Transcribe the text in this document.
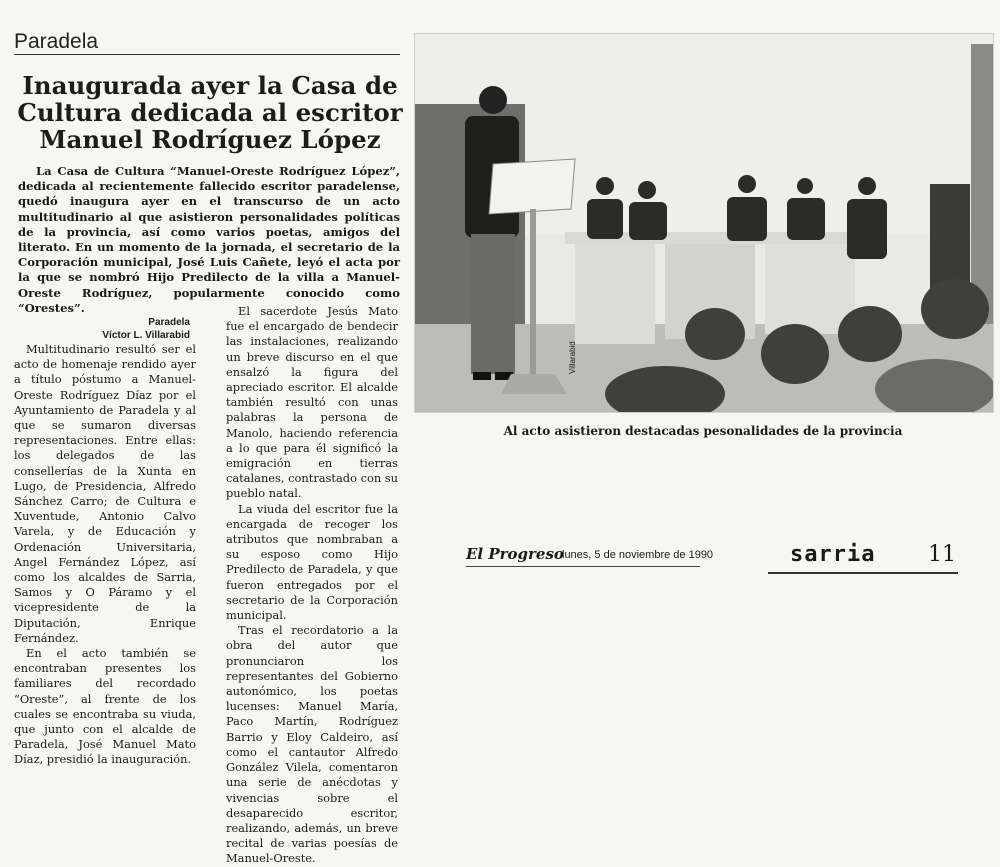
Paradela
Inaugurada ayer la Casa de
Cultura dedicada al escritor
Manuel Rodríguez López

La Casa de Cultura “Manuel-Oreste Rodríguez López”, dedicada al recientemente fallecido escritor paradelense, quedó inaugura ayer en el transcurso de un acto multitudinario al que asistieron personalidades políticas de la provincia, así como varios poetas, amigos del literato. En un momento de la jornada, el secretario de la Corporación municipal, José Luis Cañete, leyó el acta por la que se nombró Hijo Predilecto de la villa a Manuel-Oreste Rodríguez, popularmente conocido como “Orestes”.

Paradela
Víctor L. Villarabid

Multitudinario resultó ser el acto de homenaje rendido ayer a título póstumo a Manuel-Oreste Rodríguez Díaz por el Ayuntamiento de Paradela y al que se sumaron diversas representaciones. Entre ellas: los delegados de las consellerías de la Xunta en Lugo, de Presidencia, Alfredo Sánchez Carro; de Cultura e Xuventude, Antonio Calvo Varela, y de Educación y Ordenación Universitaria, Angel Fernández López, así como los alcaldes de Sarria, Samos y O Páramo y el vicepresidente de la Diputación, Enrique Fernández.

En el acto también se encontraban presentes los familiares del recordado “Oreste”, al frente de los cuales se encontraba su viuda, que junto con el alcalde de Paradela, José Manuel Mato Díaz, presidió la inauguración.

El sacerdote Jesús Mato fue el encargado de bendecir las instalaciones, realizando un breve discurso en el que ensalzó la figura del apreciado escritor. El alcalde también resultó con unas palabras la persona de Manolo, haciendo referencia a lo que para él significó la emigración en tierras catalanes, contrastado con su pueblo natal.

La viuda del escritor fue la encargada de recoger los atributos que nombraban a su esposo como Hijo Predilecto de Paradela, y que fueron entregados por el secretario de la Corporación municipal.

Tras el recordatorio a la obra del autor que pronunciaron los representantes del Gobierno autonómico, los poetas lucenses: Manuel María, Paco Martín, Rodríguez Barrio y Eloy Caldeiro, así como el cantautor Alfredo González Vilela, comentaron una serie de anécdotas y vivencias sobre el desaparecido escritor, realizando, además, un breve recital de varias poesías de Manuel-Oreste.

Villarabid
Al acto asistieron destacadas pesonalidades de la provincia
El Progreso
lunes, 5 de noviembre de 1990	sarria 11
